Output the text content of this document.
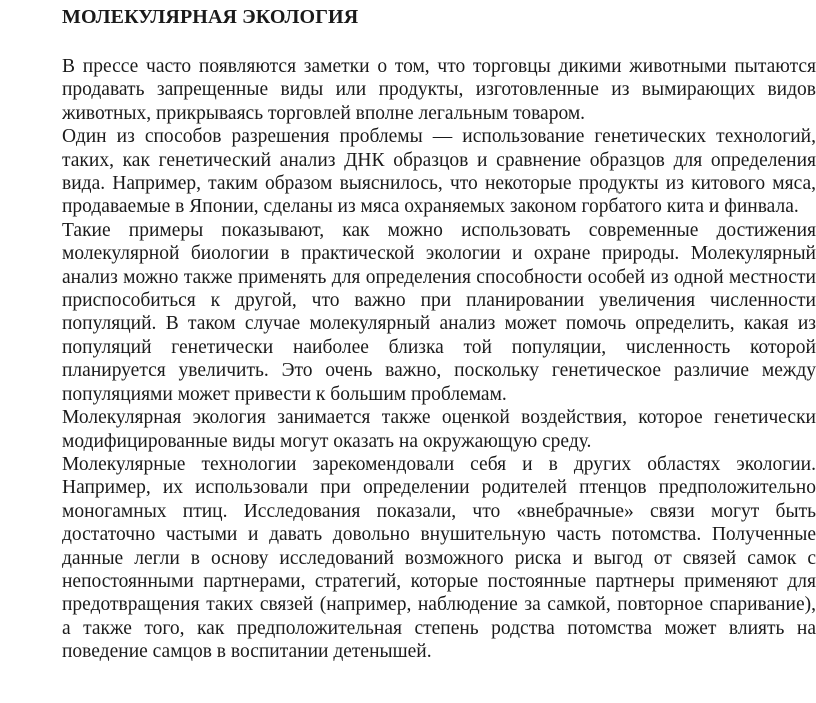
МОЛЕКУЛЯРНАЯ ЭКОЛОГИЯ

В прессе часто появляются заметки о том, что торговцы дикими животными пытаются продавать запрещенные виды или продукты, изготовленные из вымирающих видов животных, прикрываясь торговлей вполне легальным товаром.

Один из способов разрешения проблемы — использование генетических технологий, таких, как генетический анализ ДНК образцов и сравнение образцов для определения вида. Например, таким образом выяснилось, что некоторые продукты из китового мяса, продаваемые в Японии, сделаны из мяса охраняемых законом горбатого кита и финвала.

Такие примеры показывают, как можно использовать современные достижения молекулярной биологии в практической экологии и охране природы. Молекулярный анализ можно также применять для определения способности особей из одной местности приспособиться к другой, что важно при планировании увеличения численности популяций. В таком случае молекулярный анализ может помочь определить, какая из популяций генетически наиболее близка той популяции, численность которой планируется увеличить. Это очень важно, поскольку генетическое различие между популяциями может привести к большим проблемам.

Молекулярная экология занимается также оценкой воздействия, которое генетически модифицированные виды могут оказать на окружающую среду.

Молекулярные технологии зарекомендовали себя и в других областях экологии. Например, их использовали при определении родителей птенцов предположительно моногамных птиц. Исследования показали, что «внебрачные» связи могут быть достаточно частыми и давать довольно внушительную часть потомства. Полученные данные легли в основу исследований возможного риска и выгод от связей самок с непостоянными партнерами, стратегий, которые постоянные партнеры применяют для предотвращения таких связей (например, наблюдение за самкой, повторное спаривание), а также того, как предположительная степень родства потомства может влиять на поведение самцов в воспитании детенышей.
